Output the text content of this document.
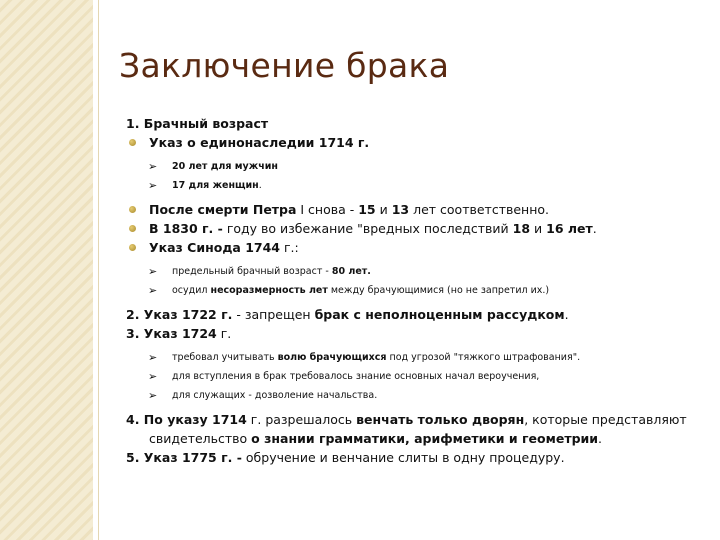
Заключение брака
1. Брачный возраст
Указ о единонаследии 1714 г.
➢ 20 лет для мужчин
➢ 17 для женщин.
После смерти Петра I снова - 15 и 13 лет соответственно.
В 1830 г. - году во избежание "вредных последствий 18 и 16 лет.
Указ Синода 1744 г.:
➢ предельный брачный возраст - 80 лет.
➢ осудил несоразмерность лет между брачующимися (но не запретил их.)
2. Указ 1722 г. - запрещен брак с неполноценным рассудком.
3. Указ 1724 г.
➢ требовал учитывать волю брачующихся под угрозой "тяжкого штрафования".
➢ для вступления в брак требовалось знание основных начал вероучения,
➢ для служащих - дозволение начальства.
4. По указу 1714 г. разрешалось венчать только дворян, которые представляют свидетельство о знании грамматики, арифметики и геометрии.
5. Указ 1775 г. - обручение и венчание слиты в одну процедуру.
